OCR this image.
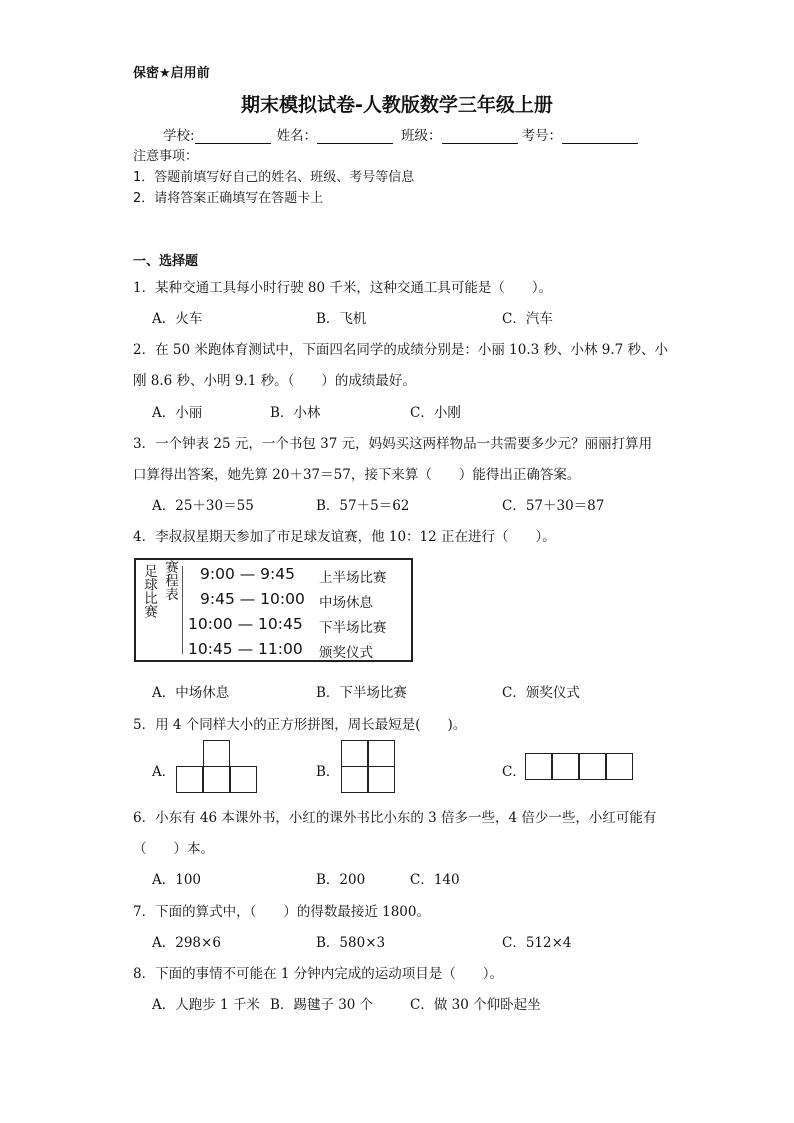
保密★启用前
期末模拟试卷-人教版数学三年级上册
学校:	姓名：	班级：	考号：
注意事项：
1．答题前填写好自己的姓名、班级、考号等信息
2．请将答案正确填写在答题卡上
一、选择题
1．某种交通工具每小时行驶 80 千米，这种交通工具可能是（　　）。
A．火车	B．飞机	C．汽车
2．在 50 米跑体育测试中，下面四名同学的成绩分别是：小丽 10.3 秒、小林 9.7 秒、小
刚 8.6 秒、小明 9.1 秒。（　　）的成绩最好。
A．小丽	B．小林	C．小刚
3．一个钟表 25 元，一个书包 37 元，妈妈买这两样物品一共需要多少元？丽丽打算用
口算得出答案，她先算 20＋37＝57，接下来算（　　）能得出正确答案。
A．25＋30＝55	B．57＋5＝62	C．57＋30＝87
4．李叔叔星期天参加了市足球友谊赛，他 10：12 正在进行（　　）。
足球比赛 赛程表 9:00 — 9:45 上半场比赛
9:45 — 10:00 中场休息
10:00 — 10:45 下半场比赛
10:45 — 11:00 颁奖仪式
A．中场休息	B．下半场比赛	C．颁奖仪式
5．用 4 个同样大小的正方形拼图，周长最短是(　　)。
A．	B．	C．
6．小东有 46 本课外书，小红的课外书比小东的 3 倍多一些，4 倍少一些，小红可能有
（　　）本。
A．100	B．200	C．140
7．下面的算式中，（　　）的得数最接近 1800。
A．298×6	B．580×3	C．512×4
8．下面的事情不可能在 1 分钟内完成的运动项目是（　　）。
A．人跑步 1 千米 B．踢毽子 30 个	C．做 30 个仰卧起坐
